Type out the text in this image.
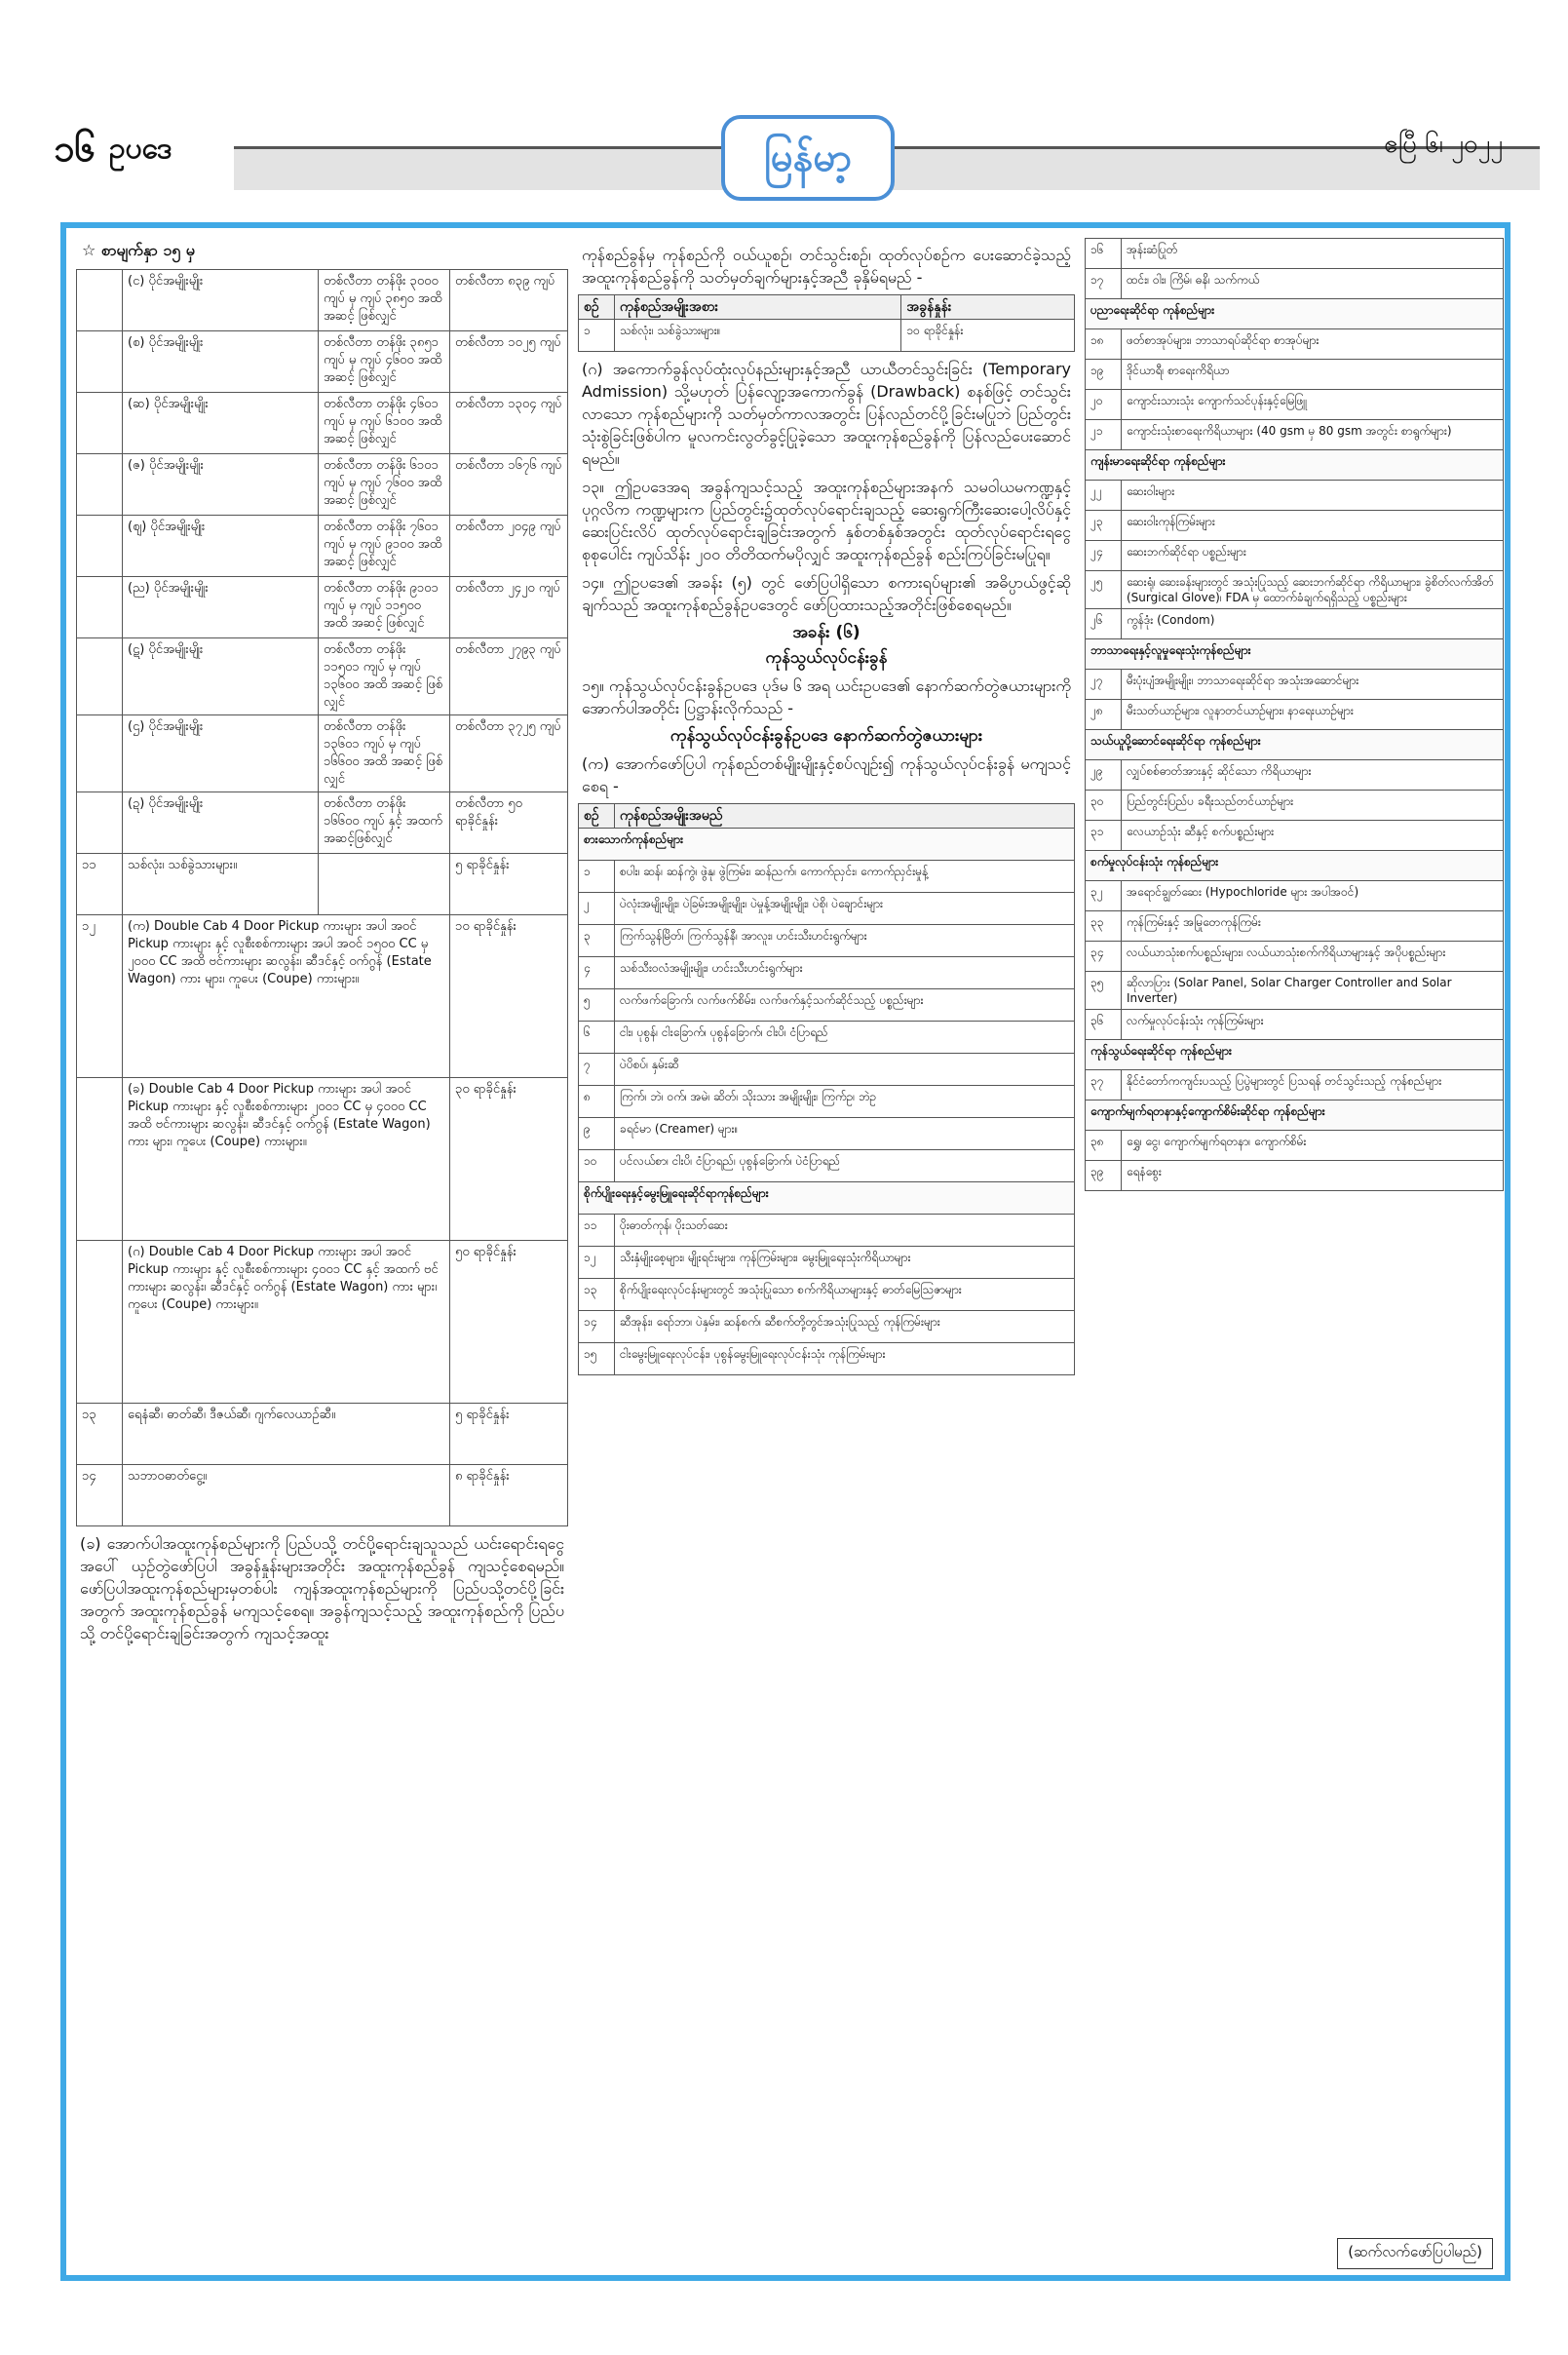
၁၆ ဥပဒေ	မြန်မာ့	ဧပြီ ၆၊ ၂၀၂၂
☆ စာမျက်နှာ ၁၅ မှ
	(င) ပိုင်အမျိုးမျိုး	တစ်လီတာ တန်ဖိုး ၃၀၀၀ ကျပ် မှ ကျပ် ၃၈၅၀ အထိ အဆင့် ဖြစ်လျှင်	တစ်လီတာ ၈၃၉ ကျပ်
	(စ) ပိုင်အမျိုးမျိုး	တစ်လီတာ တန်ဖိုး ၃၈၅၁ ကျပ် မှ ကျပ် ၄၆၀၀ အထိ အဆင့် ဖြစ်လျှင်	တစ်လီတာ ၁၀၂၅ ကျပ်
	(ဆ) ပိုင်အမျိုးမျိုး	တစ်လီတာ တန်ဖိုး ၄၆၀၁ ကျပ် မှ ကျပ် ၆၁၀၀ အထိ အဆင့် ဖြစ်လျှင်	တစ်လီတာ ၁၃၀၄ ကျပ်
	(ဇ) ပိုင်အမျိုးမျိုး	တစ်လီတာ တန်ဖိုး ၆၁၀၁ ကျပ် မှ ကျပ် ၇၆၀၀ အထိ အဆင့် ဖြစ်လျှင်	တစ်လီတာ ၁၆၇၆ ကျပ်
	(ဈ) ပိုင်အမျိုးမျိုး	တစ်လီတာ တန်ဖိုး ၇၆၀၁ ကျပ် မှ ကျပ် ၉၁၀၀ အထိ အဆင့် ဖြစ်လျှင်	တစ်လီတာ ၂၀၄၉ ကျပ်
	(ည) ပိုင်အမျိုးမျိုး	တစ်လီတာ တန်ဖိုး ၉၁၀၁ ကျပ် မှ ကျပ် ၁၁၅၀၀ အထိ အဆင့် ဖြစ်လျှင်	တစ်လီတာ ၂၄၂၀ ကျပ်
	(ဋ) ပိုင်အမျိုးမျိုး	တစ်လီတာ တန်ဖိုး ၁၁၅၀၁ ကျပ် မှ ကျပ် ၁၃၆၀၀ အထိ အဆင့် ဖြစ်လျှင်	တစ်လီတာ ၂၇၉၃ ကျပ်
	(ဌ) ပိုင်အမျိုးမျိုး	တစ်လီတာ တန်ဖိုး ၁၃၆၀၁ ကျပ် မှ ကျပ် ၁၆၆၀၀ အထိ အဆင့် ဖြစ်လျှင်	တစ်လီတာ ၃၇၂၅ ကျပ်
	(ဍ) ပိုင်အမျိုးမျိုး	တစ်လီတာ တန်ဖိုး ၁၆၆၀၀ ကျပ် နှင့် အထက်အဆင့်ဖြစ်လျှင်	တစ်လီတာ ၅၀ ရာခိုင်နှုန်း
၁၁	သစ်လုံး၊ သစ်ခွဲသားများ။		၅ ရာခိုင်နှုန်း
၁၂	(က) Double Cab 4 Door Pickup ကားများ အပါ အဝင် Pickup ကားများ နှင့် လူစီးစစ်ကားများ အပါ အဝင် ၁၅၀၀ CC မှ ၂၀၀၀ CC အထိ ဗင်ကားများ ဆလွန်း၊ ဆီဒင်နှင့် ဝက်ဂွန် (Estate Wagon) ကား များ၊ ကူပေး (Coupe) ကားများ။		၁၀ ရာခိုင်နှုန်း
	(ခ) Double Cab 4 Door Pickup ကားများ အပါ အဝင် Pickup ကားများ နှင့် လူစီးစစ်ကားများ ၂၀၀၁ CC မှ ၄၀၀၀ CC အထိ ဗင်ကားများ ဆလွန်း၊ ဆီဒင်နှင့် ဝက်ဂွန် (Estate Wagon) ကား များ၊ ကူပေး (Coupe) ကားများ။		၃၀ ရာခိုင်နှုန်း
	(ဂ) Double Cab 4 Door Pickup ကားများ အပါ အဝင် Pickup ကားများ နှင့် လူစီးစစ်ကားများ ၄၀၀၁ CC နှင့် အထက် ဗင်ကားများ ဆလွန်း၊ ဆီဒင်နှင့် ဝက်ဂွန် (Estate Wagon) ကား များ၊ ကူပေး (Coupe) ကားများ။		၅၀ ရာခိုင်နှုန်း
၁၃	ရေနံဆီ၊ ဓာတ်ဆီ၊ ဒီဇယ်ဆီ၊ ဂျက်လေယာဉ်ဆီ။		၅ ရာခိုင်နှုန်း
၁၄	သဘာဝဓာတ်ငွေ့။		၈ ရာခိုင်နှုန်း

(ခ) အောက်ပါအထူးကုန်စည်များကို ပြည်ပသို့ တင်ပို့ရောင်းချသူသည် ယင်းရောင်းရငွေအပေါ် ယှဉ်တွဲဖော်ပြပါ အခွန်နှုန်းများအတိုင်း အထူးကုန်စည်ခွန် ကျသင့်စေရမည်။ ဖော်ပြပါအထူးကုန်စည်များမှတစ်ပါး ကျန်အထူးကုန်စည်များကို ပြည်ပသို့တင်ပို့ခြင်းအတွက် အထူးကုန်စည်ခွန် မကျသင့်စေရ။ အခွန်ကျသင့်သည့် အထူးကုန်စည်ကို ပြည်ပသို့ တင်ပို့ရောင်းချခြင်းအတွက် ကျသင့်အထူး

ကုန်စည်ခွန်မှ ကုန်စည်ကို ဝယ်ယူစဉ်၊ တင်သွင်းစဉ်၊ ထုတ်လုပ်စဉ်က ပေးဆောင်ခဲ့သည့် အထူးကုန်စည်ခွန်ကို သတ်မှတ်ချက်များနှင့်အညီ ခုနှိမ်ရမည် -

စဉ်	ကုန်စည်အမျိုးအစား	အခွန်နှုန်း
၁	သစ်လုံး၊ သစ်ခွဲသားများ။	၁၀ ရာခိုင်နှုန်း

(ဂ) အကောက်ခွန်လုပ်ထုံးလုပ်နည်းများနှင့်အညီ ယာယီတင်သွင်းခြင်း (Temporary Admission) သို့မဟုတ် ပြန်လျော့အကောက်ခွန် (Drawback) စနစ်ဖြင့် တင်သွင်းလာသော ကုန်စည်များကို သတ်မှတ်ကာလအတွင်း ပြန်လည်တင်ပို့ခြင်းမပြုဘဲ ပြည်တွင်းသုံးစွဲခြင်းဖြစ်ပါက မူလကင်းလွတ်ခွင့်ပြုခဲ့သော အထူးကုန်စည်ခွန်ကို ပြန်လည်ပေးဆောင်ရမည်။

၁၃။ ဤဥပဒေအရ အခွန်ကျသင့်သည့် အထူးကုန်စည်များအနက် သမဝါယမကဏ္ဍနှင့် ပုဂ္ဂလိက ကဏ္ဍများက ပြည်တွင်း၌ထုတ်လုပ်ရောင်းချသည့် ဆေးရွက်ကြီးဆေးပေါ့လိပ်နှင့် ဆေးပြင်းလိပ် ထုတ်လုပ်ရောင်းချခြင်းအတွက် နှစ်တစ်နှစ်အတွင်း ထုတ်လုပ်ရောင်းရငွေ စုစုပေါင်း ကျပ်သိန်း ၂၀၀ တိတိထက်မပိုလျှင် အထူးကုန်စည်ခွန် စည်းကြပ်ခြင်းမပြုရ။

၁၄။ ဤဥပဒေ၏ အခန်း (၅) တွင် ဖော်ပြပါရှိသော စကားရပ်များ၏ အဓိပ္ပာယ်ဖွင့်ဆိုချက်သည် အထူးကုန်စည်ခွန်ဥပဒေတွင် ဖော်ပြထားသည့်အတိုင်းဖြစ်စေရမည်။

အခန်း (၆)
ကုန်သွယ်လုပ်ငန်းခွန်

၁၅။ ကုန်သွယ်လုပ်ငန်းခွန်ဥပဒေ ပုဒ်မ ၆ အရ ယင်းဥပဒေ၏ နောက်ဆက်တွဲဇယားများကို အောက်ပါအတိုင်း ပြဋ္ဌာန်းလိုက်သည် -

ကုန်သွယ်လုပ်ငန်းခွန်ဥပဒေ နောက်ဆက်တွဲဇယားများ

(က) အောက်ဖော်ပြပါ ကုန်စည်တစ်မျိုးမျိုးနှင့်စပ်လျဉ်း၍ ကုန်သွယ်လုပ်ငန်းခွန် မကျသင့်စေရ -

စဉ်	ကုန်စည်အမျိုးအမည်
စားသောက်ကုန်စည်များ	
၁	စပါး၊ ဆန်၊ ဆန်ကွဲ၊ ဖွဲနု၊ ဖွဲကြမ်း၊ ဆန်ညက်၊ ကောက်ညှင်း၊ ကောက်ညှင်းမှုန့်
၂	ပဲလုံးအမျိုးမျိုး၊ ပဲခြမ်းအမျိုးမျိုး၊ ပဲမှုန့်အမျိုးမျိုး၊ ပဲစို၊ ပဲချောင်းများ
၃	ကြက်သွန်မြိတ်၊ ကြက်သွန်နီ၊ အာလူး၊ ဟင်းသီးဟင်းရွက်များ
၄	သစ်သီးဝလံအမျိုးမျိုး၊ ဟင်းသီးဟင်းရွက်များ
၅	လက်ဖက်ခြောက်၊ လက်ဖက်စိမ်း၊ လက်ဖက်နှင့်သက်ဆိုင်သည့် ပစ္စည်းများ
၆	ငါး၊ ပုစွန်၊ ငါးခြောက်၊ ပုစွန်ခြောက်၊ ငါးပိ၊ ငံပြာရည်
၇	ပဲပိစပ်၊ နှမ်းဆီ
၈	ကြက်၊ ဘဲ၊ ဝက်၊ အမဲ၊ ဆိတ်၊ သိုးသား အမျိုးမျိုး၊ ကြက်ဥ၊ ဘဲဥ
၉	ခရင်မာ (Creamer) များ။
၁၀	ပင်လယ်စာ၊ ငါးပိ၊ ငံပြာရည်၊ ပုစွန်ခြောက်၊ ပဲငံပြာရည်
စိုက်ပျိုးရေးနှင့်မွေးမြူရေးဆိုင်ရာကုန်စည်များ	
၁၁	ပိုးဓာတ်ကုန်၊ ပိုးသတ်ဆေး
၁၂	သီးနှံမျိုးစေ့များ၊ မျိုးရင်းများ၊ ကုန်ကြမ်းများ၊ မွေးမြူရေးသုံးကိရိယာများ
၁၃	စိုက်ပျိုးရေးလုပ်ငန်းများတွင် အသုံးပြုသော စက်ကိရိယာများနှင့် ဓာတ်မြေဩဇာများ
၁၄	ဆီအုန်း၊ ရော်ဘာ၊ ပဲနှမ်း၊ ဆန်စက်၊ ဆီစက်တို့တွင်အသုံးပြုသည့် ကုန်ကြမ်းများ
၁၅	ငါးမွေးမြူရေးလုပ်ငန်း၊ ပုစွန်မွေးမြူရေးလုပ်ငန်းသုံး ကုန်ကြမ်းများ
၁၆	အုန်းဆံပြုတ်
၁၇	ထင်း၊ ဝါး၊ ကြိမ်၊ ဓနိ၊ သက်ကယ်
ပညာရေးဆိုင်ရာ ကုန်စည်များ	
၁၈	ဖတ်စာအုပ်များ၊ ဘာသာရပ်ဆိုင်ရာ စာအုပ်များ
၁၉	ဒိုင်ယာရီ၊ စာရေးကိရိယာ
၂၀	ကျောင်းသားသုံး ကျောက်သင်ပုန်းနှင့်မြေဖြူ
၂၁	ကျောင်းသုံးစာရေးကိရိယာများ (40 gsm မှ 80 gsm အတွင်း စာရွက်များ)
ကျန်းမာရေးဆိုင်ရာ ကုန်စည်များ	
၂၂	ဆေးဝါးများ
၂၃	ဆေးဝါးကုန်ကြမ်းများ
၂၄	ဆေးဘက်ဆိုင်ရာ ပစ္စည်းများ
၂၅	ဆေးရုံ၊ ဆေးခန်းများတွင် အသုံးပြုသည့် ဆေးဘက်ဆိုင်ရာ ကိရိယာများ၊ ခွဲစိတ်လက်အိတ် (Surgical Glove)၊ FDA မှ ထောက်ခံချက်ရရှိသည့် ပစ္စည်းများ
၂၆	ကွန်ဒုံး (Condom)
ဘာသာရေးနှင့်လူမှုရေးသုံးကုန်စည်များ	
၂၇	မီးပုံးပျံအမျိုးမျိုး၊ ဘာသာရေးဆိုင်ရာ အသုံးအဆောင်များ
၂၈	မီးသတ်ယာဉ်များ၊ လူနာတင်ယာဉ်များ၊ နာရေးယာဉ်များ
သယ်ယူပို့ဆောင်ရေးဆိုင်ရာ ကုန်စည်များ	
၂၉	လျှပ်စစ်ဓာတ်အားနှင့် ဆိုင်သော ကိရိယာများ
၃၀	ပြည်တွင်းပြည်ပ ခရီးသည်တင်ယာဉ်များ
၃၁	လေယာဉ်သုံး ဆီနှင့် စက်ပစ္စည်းများ
စက်မှုလုပ်ငန်းသုံး ကုန်စည်များ	
၃၂	အရောင်ချွတ်ဆေး (Hypochloride များ အပါအဝင်)
၃၃	ကုန်ကြမ်းနှင့် အမြုတေကုန်ကြမ်း
၃၄	လယ်ယာသုံးစက်ပစ္စည်းများ၊ လယ်ယာသုံးစက်ကိရိယာများနှင့် အပိုပစ္စည်းများ
၃၅	ဆိုလာပြား (Solar Panel, Solar Charger Controller and Solar Inverter)
၃၆	လက်မှုလုပ်ငန်းသုံး ကုန်ကြမ်းများ
ကုန်သွယ်ရေးဆိုင်ရာ ကုန်စည်များ	
၃၇	နိုင်ငံတော်ကကျင်းပသည့် ပြပွဲများတွင် ပြသရန် တင်သွင်းသည့် ကုန်စည်များ
ကျောက်မျက်ရတနာနှင့်ကျောက်စိမ်းဆိုင်ရာ ကုန်စည်များ	
၃၈	ရွှေ၊ ငွေ၊ ကျောက်မျက်ရတနာ၊ ကျောက်စိမ်း
၃၉	ရေနံစွေး
(ဆက်လက်ဖော်ပြပါမည်)
